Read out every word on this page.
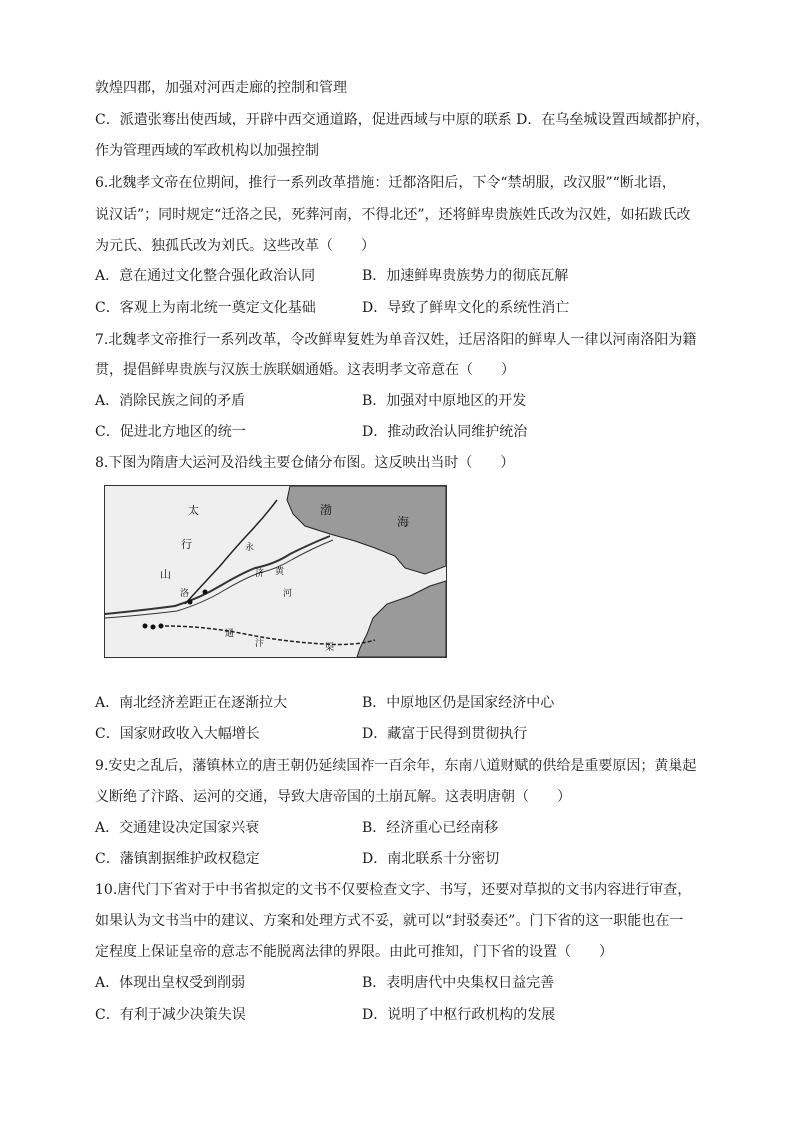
敦煌四郡，加强对河西走廊的控制和管理
C．派遣张骞出使西域，开辟中西交通道路，促进西域与中原的联系 D．在乌垒城设置西域都护府，
作为管理西域的军政机构以加强控制
6.北魏孝文帝在位期间，推行一系列改革措施：迁都洛阳后，下令“禁胡服，改汉服”“断北语，
说汉话”；同时规定“迁洛之民，死葬河南，不得北还”，还将鲜卑贵族姓氏改为汉姓，如拓跋氏改
为元氏、独孤氏改为刘氏。这些改革（　　）
A．意在通过文化整合强化政治认同	B．加速鲜卑贵族势力的彻底瓦解
C．客观上为南北统一奠定文化基础	D．导致了鲜卑文化的系统性消亡
7.北魏孝文帝推行一系列改革，令改鲜卑复姓为单音汉姓，迁居洛阳的鲜卑人一律以河南洛阳为籍
贯，提倡鲜卑贵族与汉族士族联姻通婚。这表明孝文帝意在（　　）
A．消除民族之间的矛盾	B．加强对中原地区的开发
C．促进北方地区的统一	D．推动政治认同维护统治
8.下图为隋唐大运河及沿线主要仓储分布图。这反映出当时（　　）
渤
海
太
行
山
永
济 黄
河
通
汴
洛
渠
A．南北经济差距正在逐渐拉大	B．中原地区仍是国家经济中心
C．国家财政收入大幅增长	D．藏富于民得到贯彻执行
9.安史之乱后，藩镇林立的唐王朝仍延续国祚一百余年，东南八道财赋的供给是重要原因；黄巢起
义断绝了汴路、运河的交通，导致大唐帝国的土崩瓦解。这表明唐朝（　　）
A．交通建设决定国家兴衰	B．经济重心已经南移
C．藩镇割据维护政权稳定	D．南北联系十分密切
10.唐代门下省对于中书省拟定的文书不仅要检查文字、书写，还要对草拟的文书内容进行审查，
如果认为文书当中的建议、方案和处理方式不妥，就可以“封驳奏还”。门下省的这一职能也在一
定程度上保证皇帝的意志不能脱离法律的界限。由此可推知，门下省的设置（　　）
A．体现出皇权受到削弱	B．表明唐代中央集权日益完善
C．有利于减少决策失误	D．说明了中枢行政机构的发展
